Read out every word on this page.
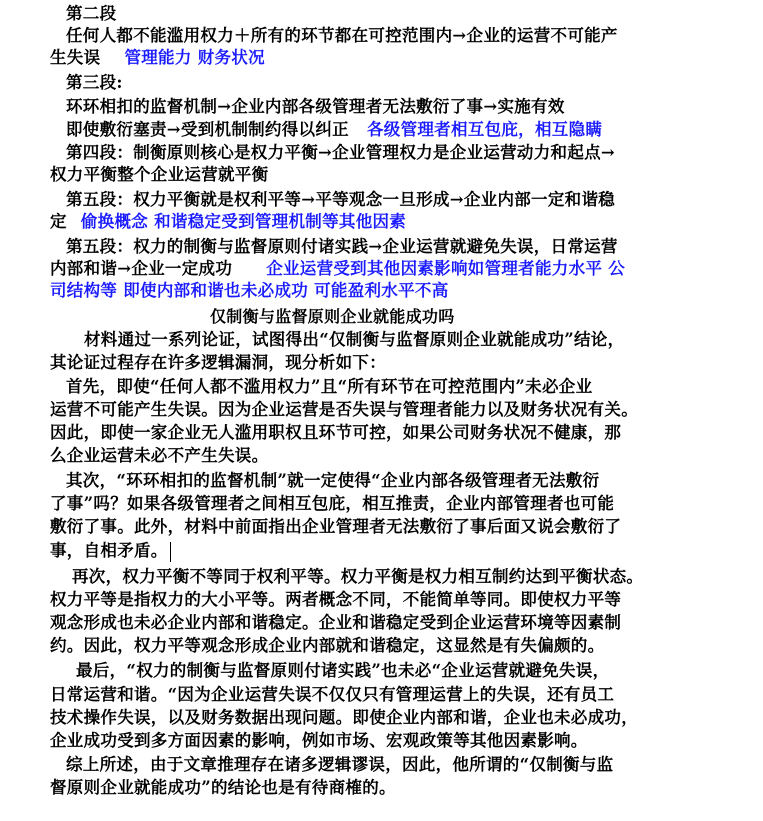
第二段
任何人都不能滥用权力＋所有的环节都在可控范围内→企业的运营不可能产
生失误 管理能力 财务状况
第三段:
环环相扣的监督机制→企业内部各级管理者无法敷衍了事→实施有效
即使敷衍塞责→受到机制制约得以纠正 各级管理者相互包庇，相互隐瞒
第四段：制衡原则核心是权力平衡→企业管理权力是企业运营动力和起点→
权力平衡整个企业运营就平衡
第五段：权力平衡就是权利平等→平等观念一旦形成→企业内部一定和谐稳
定 偷换概念 和谐稳定受到管理机制等其他因素
第五段：权力的制衡与监督原则付诸实践→企业运营就避免失误，日常运营
内部和谐→企业一定成功 企业运营受到其他因素影响如管理者能力水平 公
司结构等 即使内部和谐也未必成功 可能盈利水平不高
仅制衡与监督原则企业就能成功吗
材料通过一系列论证，试图得出“仅制衡与监督原则企业就能成功”结论，
其论证过程存在许多逻辑漏洞，现分析如下：
首先，即使“任何人都不滥用权力”且“所有环节在可控范围内”未必企业
运营不可能产生失误。因为企业运营是否失误与管理者能力以及财务状况有关。
因此，即使一家企业无人滥用职权且环节可控，如果公司财务状况不健康，那
么企业运营未必不产生失误。
其次，“环环相扣的监督机制”就一定使得“企业内部各级管理者无法敷衍
了事”吗？如果各级管理者之间相互包庇，相互推责，企业内部管理者也可能
敷衍了事。此外，材料中前面指出企业管理者无法敷衍了事后面又说会敷衍了
事，自相矛盾。
再次，权力平衡不等同于权利平等。权力平衡是权力相互制约达到平衡状态。
权力平等是指权力的大小平等。两者概念不同，不能简单等同。即使权力平等
观念形成也未必企业内部和谐稳定。企业和谐稳定受到企业运营环境等因素制
约。因此，权力平等观念形成企业内部就和谐稳定，这显然是有失偏颇的。
最后，“权力的制衡与监督原则付诸实践”也未必“企业运营就避免失误，
日常运营和谐。“因为企业运营失误不仅仅只有管理运营上的失误，还有员工
技术操作失误，以及财务数据出现问题。即使企业内部和谐，企业也未必成功，
企业成功受到多方面因素的影响，例如市场、宏观政策等其他因素影响。
综上所述，由于文章推理存在诸多逻辑谬误，因此，他所谓的“仅制衡与监
督原则企业就能成功”的结论也是有待商榷的。
